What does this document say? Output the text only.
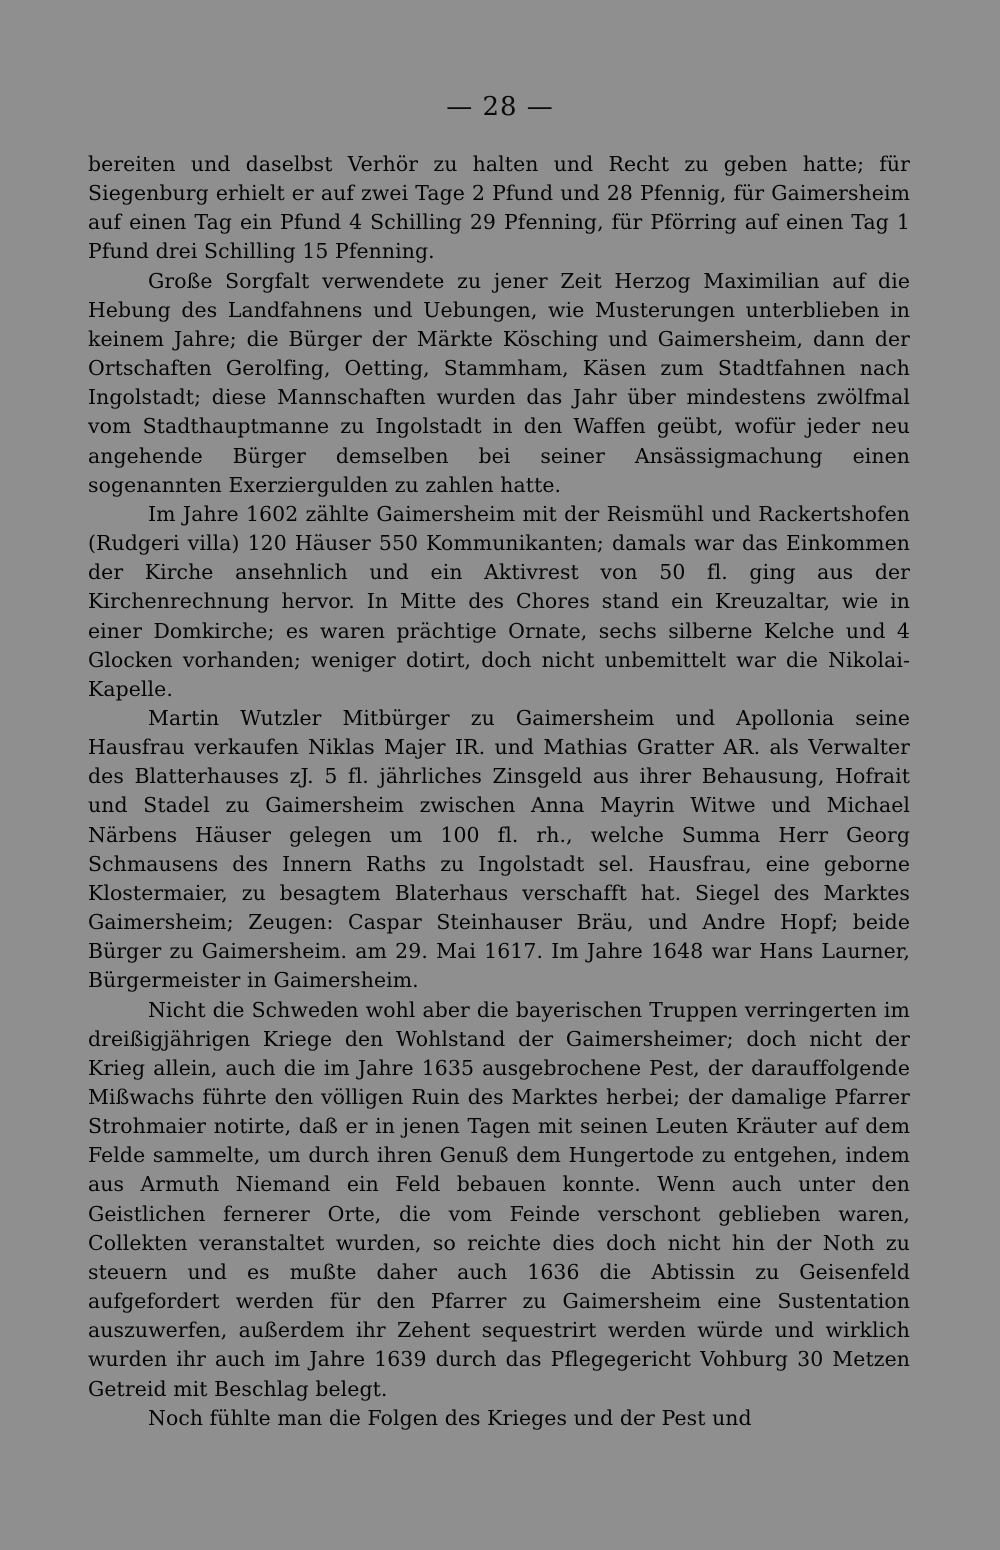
— 28 —

bereiten und daselbst Verhör zu halten und Recht zu geben hatte; für Siegenburg erhielt er auf zwei Tage 2 Pfund und 28 Pfennig, für Gaimersheim auf einen Tag ein Pfund 4 Schilling 29 Pfenning, für Pförring auf einen Tag 1 Pfund drei Schilling 15 Pfenning.

Große Sorgfalt verwendete zu jener Zeit Herzog Maximilian auf die Hebung des Landfahnens und Uebungen, wie Musterungen unterblieben in keinem Jahre; die Bürger der Märkte Kösching und Gaimersheim, dann der Ortschaften Gerolfing, Oetting, Stammham, Käsen zum Stadtfahnen nach Ingolstadt; diese Mannschaften wurden das Jahr über mindestens zwölfmal vom Stadthauptmanne zu Ingolstadt in den Waffen geübt, wofür jeder neu angehende Bürger demselben bei seiner Ansässigmachung einen sogenannten Exerziergulden zu zahlen hatte.

Im Jahre 1602 zählte Gaimersheim mit der Reismühl und Rackertshofen (Rudgeri villa) 120 Häuser 550 Kommunikanten; damals war das Einkommen der Kirche ansehnlich und ein Aktivrest von 50 fl. ging aus der Kirchenrechnung hervor. In Mitte des Chores stand ein Kreuzaltar, wie in einer Domkirche; es waren prächtige Ornate, sechs silberne Kelche und 4 Glocken vorhanden; weniger dotirt, doch nicht unbemittelt war die Nikolai-Kapelle.

Martin Wutzler Mitbürger zu Gaimersheim und Apollonia seine Hausfrau verkaufen Niklas Majer IR. und Mathias Gratter AR. als Verwalter des Blatterhauses zJ. 5 fl. jährliches Zinsgeld aus ihrer Behausung, Hofrait und Stadel zu Gaimersheim zwischen Anna Mayrin Witwe und Michael Närbens Häuser gelegen um 100 fl. rh., welche Summa Herr Georg Schmausens des Innern Raths zu Ingolstadt sel. Hausfrau, eine geborne Klostermaier, zu besagtem Blaterhaus verschafft hat. Siegel des Marktes Gaimersheim; Zeugen: Caspar Steinhauser Bräu, und Andre Hopf; beide Bürger zu Gaimersheim. am 29. Mai 1617. Im Jahre 1648 war Hans Laurner, Bürgermeister in Gaimersheim.

Nicht die Schweden wohl aber die bayerischen Truppen verringerten im dreißigjährigen Kriege den Wohlstand der Gaimersheimer; doch nicht der Krieg allein, auch die im Jahre 1635 ausgebrochene Pest, der darauffolgende Mißwachs führte den völligen Ruin des Marktes herbei; der damalige Pfarrer Strohmaier notirte, daß er in jenen Tagen mit seinen Leuten Kräuter auf dem Felde sammelte, um durch ihren Genuß dem Hungertode zu entgehen, indem aus Armuth Niemand ein Feld bebauen konnte. Wenn auch unter den Geistlichen fernerer Orte, die vom Feinde verschont geblieben waren, Collekten veranstaltet wurden, so reichte dies doch nicht hin der Noth zu steuern und es mußte daher auch 1636 die Abtissin zu Geisenfeld aufgefordert werden für den Pfarrer zu Gaimersheim eine Sustentation auszuwerfen, außerdem ihr Zehent sequestrirt werden würde und wirklich wurden ihr auch im Jahre 1639 durch das Pflegegericht Vohburg 30 Metzen Getreid mit Beschlag belegt.

Noch fühlte man die Folgen des Krieges und der Pest und
